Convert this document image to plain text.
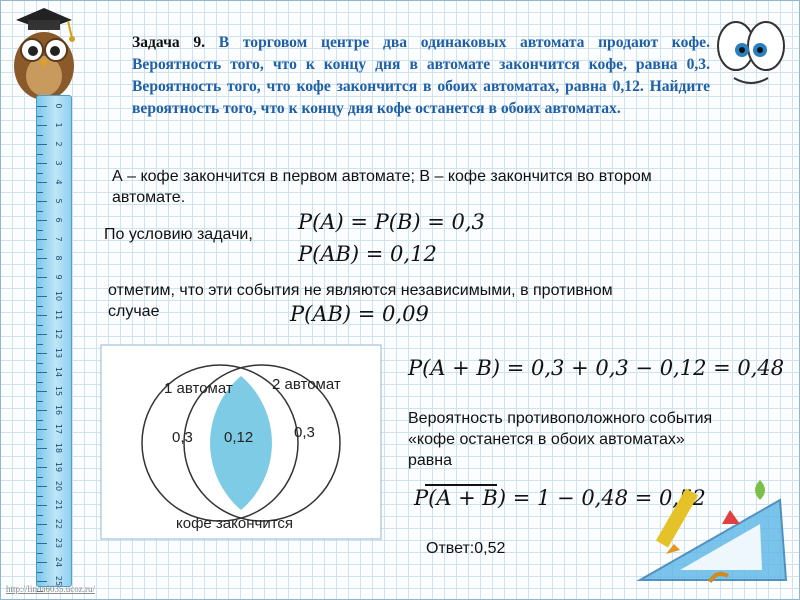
0
1
2
3
4
5
6
7
8
9
10
11
12
13
14
15
16
17
18
19
20
21
22
23
24
25
Задача 9. В торговом центре два одинаковых автомата продают кофе. Вероятность того, что к концу дня в автомате закончится кофе, равна 0,3. Вероятность того, что кофе закончится в обоих автоматах, равна 0,12. Найдите вероятность того, что к концу дня кофе останется в обоих автоматах.
А – кофе закончится в первом автомате; В – кофе закончится во втором автомате.
По условию задачи,
P(A) = P(B) = 0,3
P(AB) = 0,12
отметим, что эти события не являются независимыми, в противном случае	P(AB) = 0,09
1 автомат	2 автомат
0,3 0,12	0,3
кофе закончится
P(A + B) = 0,3 + 0,3 − 0,12 = 0,48
Вероятность противоположного события «кофе останется в обоих автоматах» равна
P(A + B) = 1 − 0,48 = 0,52
Ответ:0,52
http://linda6035.ucoz.ru/
